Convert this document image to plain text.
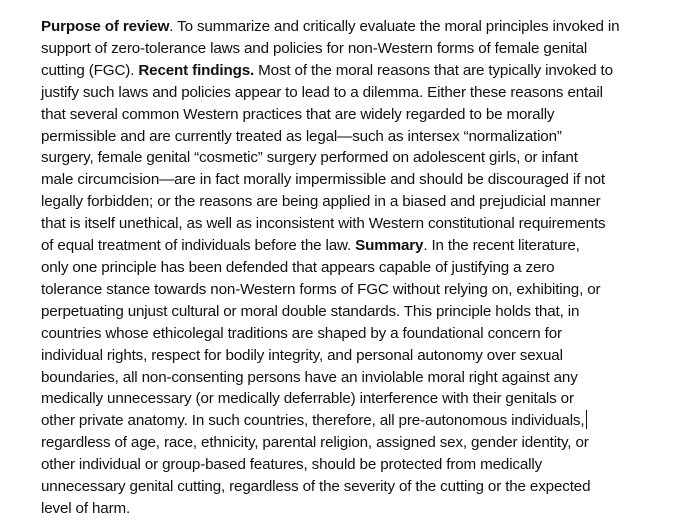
Purpose of review. To summarize and critically evaluate the moral principles invoked in
support of zero-tolerance laws and policies for non-Western forms of female genital
cutting (FGC). Recent findings. Most of the moral reasons that are typically invoked to
justify such laws and policies appear to lead to a dilemma. Either these reasons entail
that several common Western practices that are widely regarded to be morally
permissible and are currently treated as legal—such as intersex “normalization”
surgery, female genital “cosmetic” surgery performed on adolescent girls, or infant
male circumcision—are in fact morally impermissible and should be discouraged if not
legally forbidden; or the reasons are being applied in a biased and prejudicial manner
that is itself unethical, as well as inconsistent with Western constitutional requirements
of equal treatment of individuals before the law. Summary. In the recent literature,
only one principle has been defended that appears capable of justifying a zero
tolerance stance towards non-Western forms of FGC without relying on, exhibiting, or
perpetuating unjust cultural or moral double standards. This principle holds that, in
countries whose ethicolegal traditions are shaped by a foundational concern for
individual rights, respect for bodily integrity, and personal autonomy over sexual
boundaries, all non-consenting persons have an inviolable moral right against any
medically unnecessary (or medically deferrable) interference with their genitals or
other private anatomy. In such countries, therefore, all pre-autonomous individuals,
regardless of age, race, ethnicity, parental religion, assigned sex, gender identity, or
other individual or group-based features, should be protected from medically
unnecessary genital cutting, regardless of the severity of the cutting or the expected
level of harm.
